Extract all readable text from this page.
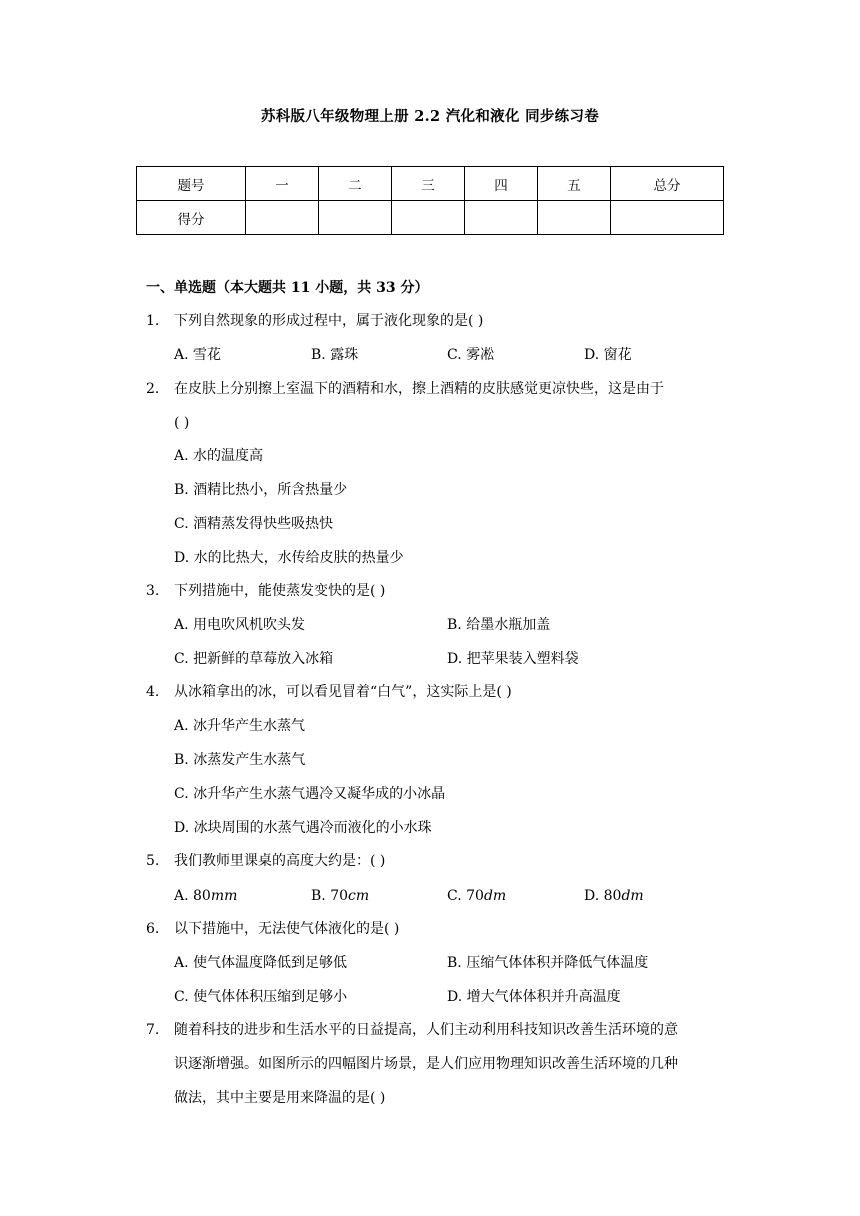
苏科版八年级物理上册 2.2 汽化和液化 同步练习卷
题号	一	二	三	四	五	总分
得分						
一、单选题（本大题共 11 小题，共 33 分）
1. 下列自然现象的形成过程中，属于液化现象的是( )
A. 雪花	B. 露珠	C. 雾凇	D. 窗花
2. 在皮肤上分别擦上室温下的酒精和水，擦上酒精的皮肤感觉更凉快些，这是由于
( )
A. 水的温度高
B. 酒精比热小，所含热量少
C. 酒精蒸发得快些吸热快
D. 水的比热大，水传给皮肤的热量少
3. 下列措施中，能使蒸发变快的是( )
A. 用电吹风机吹头发	B. 给墨水瓶加盖
C. 把新鲜的草莓放入冰箱	D. 把苹果装入塑料袋
4. 从冰箱拿出的冰，可以看见冒着“白气”，这实际上是( )
A. 冰升华产生水蒸气
B. 冰蒸发产生水蒸气
C. 冰升华产生水蒸气遇冷又凝华成的小冰晶
D. 冰块周围的水蒸气遇冷而液化的小水珠
5. 我们教师里课桌的高度大约是：( )
A. 80mm	B. 70cm	C. 70dm	D. 80dm
6. 以下措施中，无法使气体液化的是( )
A. 使气体温度降低到足够低	B. 压缩气体体积并降低气体温度
C. 使气体体积压缩到足够小	D. 增大气体体积并升高温度
7. 随着科技的进步和生活水平的日益提高，人们主动利用科技知识改善生活环境的意
识逐渐增强。如图所示的四幅图片场景，是人们应用物理知识改善生活环境的几种
做法，其中主要是用来降温的是( )
